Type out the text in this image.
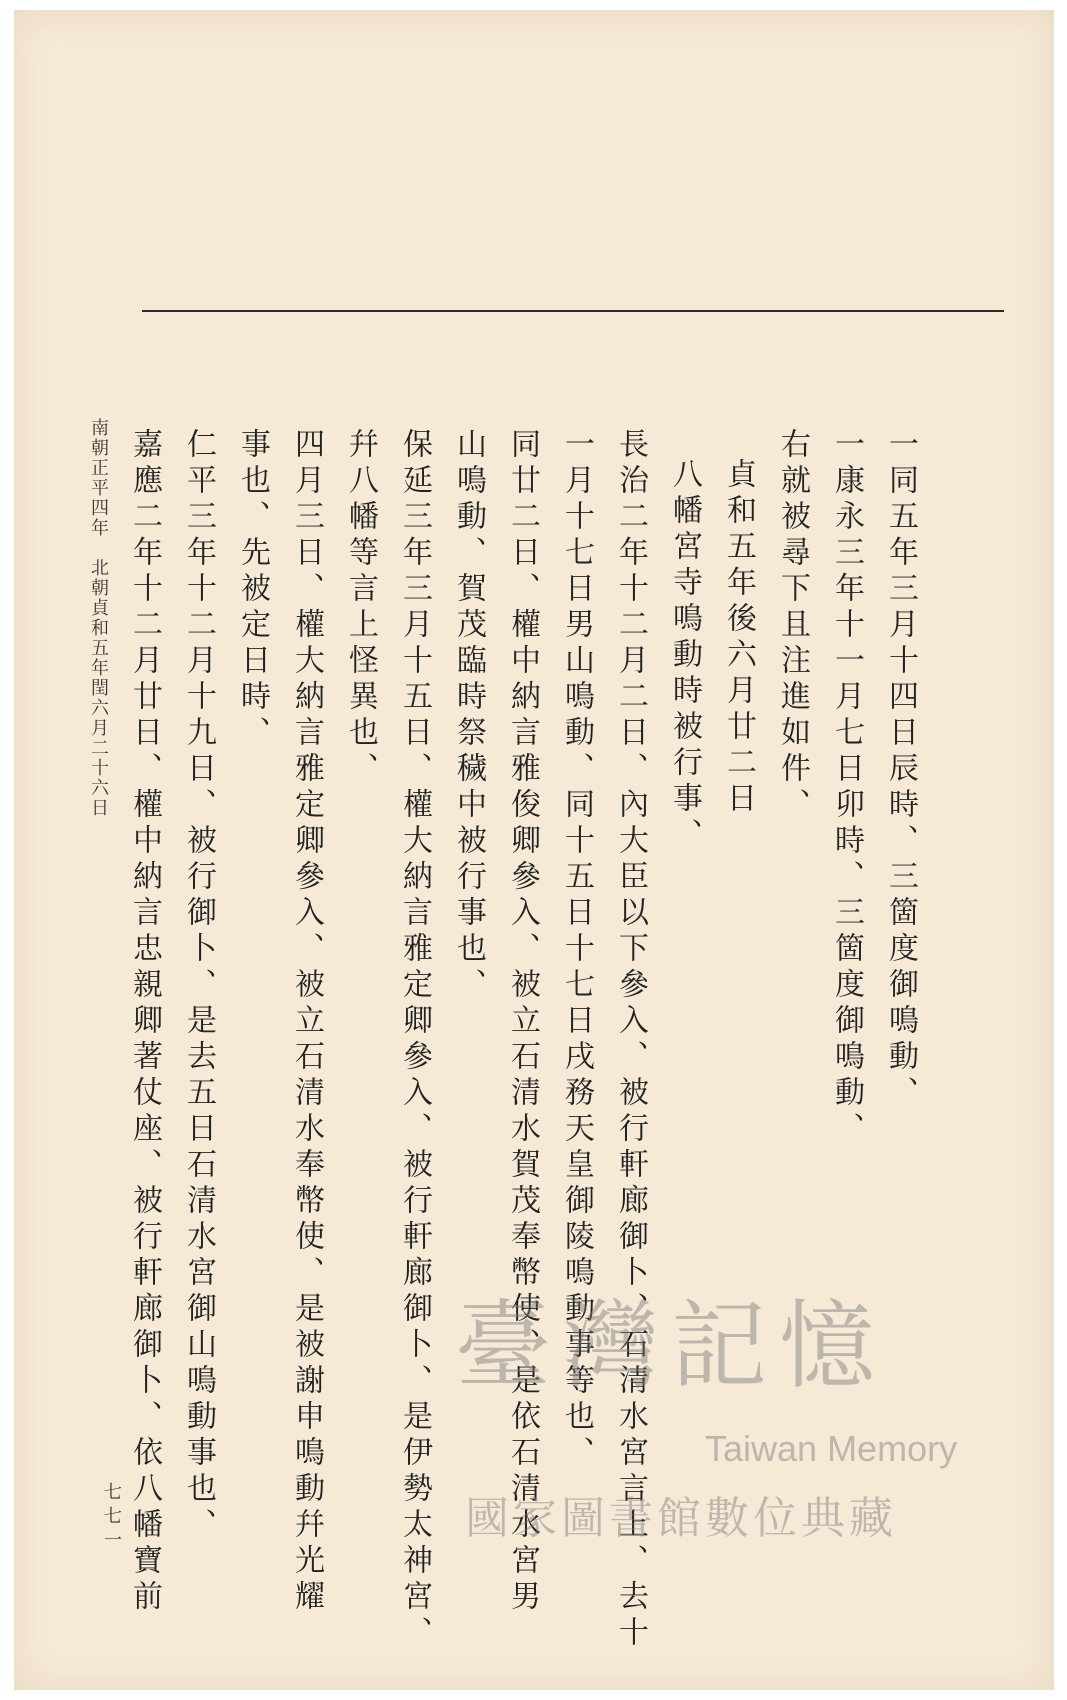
一同五年三月十四日辰時、三箇度御鳴動、
一康永三年十一月七日卯時、三箇度御鳴動、
右就被尋下且注進如件、
貞和五年後六月廿二日
八幡宮寺鳴動時被行事、
長治二年十二月二日、內大臣以下參入、被行軒廊御卜、石清水宮言上、去十
一月十七日男山鳴動、同十五日十七日戌務天皇御陵鳴動事等也、
同廿二日、權中納言雅俊卿參入、被立石清水賀茂奉幣使、是依石清水宮男
山鳴動、賀茂臨時祭穢中被行事也、
保延三年三月十五日、權大納言雅定卿參入、被行軒廊御卜、是伊勢太神宮、
幷八幡等言上怪異也、
四月三日、權大納言雅定卿參入、被立石清水奉幣使、是被謝申鳴動幷光耀
事也、先被定日時、
仁平三年十二月十九日、被行御卜、是去五日石清水宮御山鳴動事也、
嘉應二年十二月廿日、權中納言忠親卿著仗座、被行軒廊御卜、依八幡寶前
南朝正平四年　北朝貞和五年閏六月二十六日
七七一
臺灣記憶
Taiwan Memory
國家圖書館數位典藏
